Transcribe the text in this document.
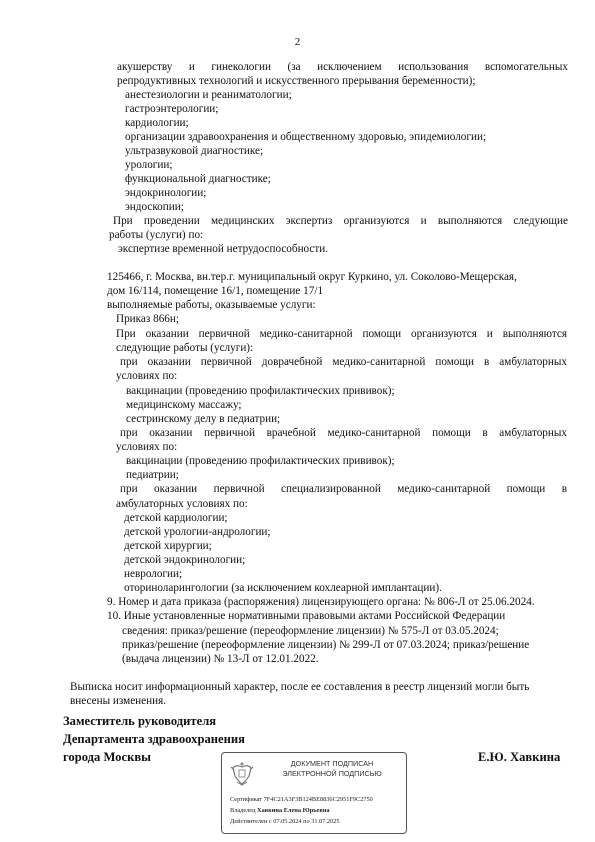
2
акушерству и гинекологии (за исключением использования вспомогательных
репродуктивных технологий и искусственного прерывания беременности);
анестезиологии и реаниматологии;
гастроэнтерологии;
кардиологии;
организации здравоохранения и общественному здоровью, эпидемиологии;
ультразвуковой диагностике;
урологии;
функциональной диагностике;
эндокринологии;
эндоскопии;
При проведении медицинских экспертиз организуются и выполняются следующие
работы (услуги) по:
экспертизе временной нетрудоспособности.
125466, г. Москва, вн.тер.г. муниципальный округ Куркино, ул. Соколово-Мещерская,
дом 16/114, помещение 16/1, помещение 17/1
выполняемые работы, оказываемые услуги:
Приказ 866н;
При оказании первичной медико-санитарной помощи организуются и выполняются
следующие работы (услуги):
при оказании первичной доврачебной медико-санитарной помощи в амбулаторных
условиях по:
вакцинации (проведению профилактических прививок);
медицинскому массажу;
сестринскому делу в педиатрии;
при оказании первичной врачебной медико-санитарной помощи в амбулаторных
условиях по:
вакцинации (проведению профилактических прививок);
педиатрии;
при оказании первичной специализированной медико-санитарной помощи в
амбулаторных условиях по:
детской кардиологии;
детской урологии-андрологии;
детской хирургии;
детской эндокринологии;
неврологии;
оториноларингологии (за исключением кохлеарной имплантации).
9. Номер и дата приказа (распоряжения) лицензирующего органа: № 806-Л от 25.06.2024.
10. Иные установленные нормативными правовыми актами Российской Федерации
сведения: приказ/решение (переоформление лицензии) № 575-Л от 03.05.2024;
приказ/решение (переоформление лицензии) № 299-Л от 07.03.2024; приказ/решение
(выдача лицензии) № 13-Л от 12.01.2022.
Выписка носит информационный характер, после ее составления в реестр лицензий могли быть
внесены изменения.
Заместитель руководителя
Департамента здравоохранения
города Москвы	Е.Ю. Хавкина
ДОКУМЕНТ ПОДПИСАН
ЭЛЕКТРОННОЙ ПОДПИСЬЮ
Сертификат 7F4C21A3F3B124BE8836C2951F9C2750
Владелец Хавкина Елена Юрьевна
Действителен с 07.05.2024 по 31.07.2025
